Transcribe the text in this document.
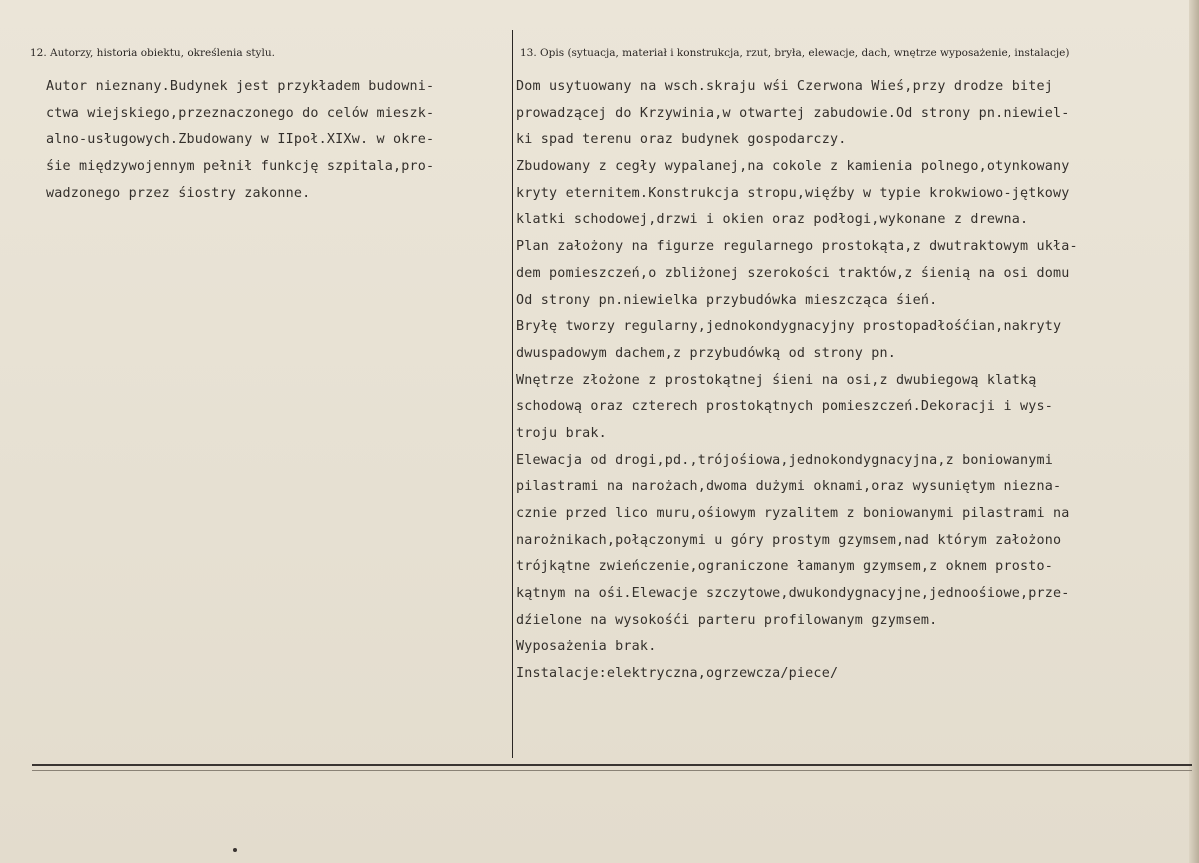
12. Autorzy, historia obiektu, określenia stylu.	13. Opis (sytuacja, materiał i konstrukcja, rzut, bryła, elewacje, dach, wnętrze wyposażenie, instalacje)
Autor nieznany.Budynek jest przykładem budowni-
ctwa wiejskiego,przeznaczonego do celów mieszk-
alno-usługowych.Zbudowany w IIpoł.XIXw. w okre-
śie międzywojennym pełnił funkcję szpitala,pro-
wadzonego przez śiostry zakonne.
Dom usytuowany na wsch.skraju wśi Czerwona Wieś,przy drodze bitej
prowadzącej do Krzywinia,w otwartej zabudowie.Od strony pn.niewiel-
ki spad terenu oraz budynek gospodarczy.
Zbudowany z cegły wypalanej,na cokole z kamienia polnego,otynkowany
kryty eternitem.Konstrukcja stropu,więźby w typie krokwiowo-jętkowy
klatki schodowej,drzwi i okien oraz podłogi,wykonane z drewna.
Plan założony na figurze regularnego prostokąta,z dwutraktowym ukła-
dem pomieszczeń,o zbliżonej szerokości traktów,z śienią na osi domu
Od strony pn.niewielka przybudówka mieszcząca śień.
Bryłę tworzy regularny,jednokondygnacyjny prostopadłośćian,nakryty
dwuspadowym dachem,z przybudówką od strony pn.
Wnętrze złożone z prostokątnej śieni na osi,z dwubiegową klatką
schodową oraz czterech prostokątnych pomieszczeń.Dekoracji i wys-
troju brak.
Elewacja od drogi,pd.,trójośiowa,jednokondygnacyjna,z boniowanymi
pilastrami na narożach,dwoma dużymi oknami,oraz wysuniętym niezna-
cznie przed lico muru,ośiowym ryzalitem z boniowanymi pilastrami na
narożnikach,połączonymi u góry prostym gzymsem,nad którym założono
trójkątne zwieńczenie,ograniczone łamanym gzymsem,z oknem prosto-
kątnym na ośi.Elewacje szczytowe,dwukondygnacyjne,jednoośiowe,prze-
dźielone na wysokośći parteru profilowanym gzymsem.
Wyposażenia brak.
Instalacje:elektryczna,ogrzewcza/piece/
